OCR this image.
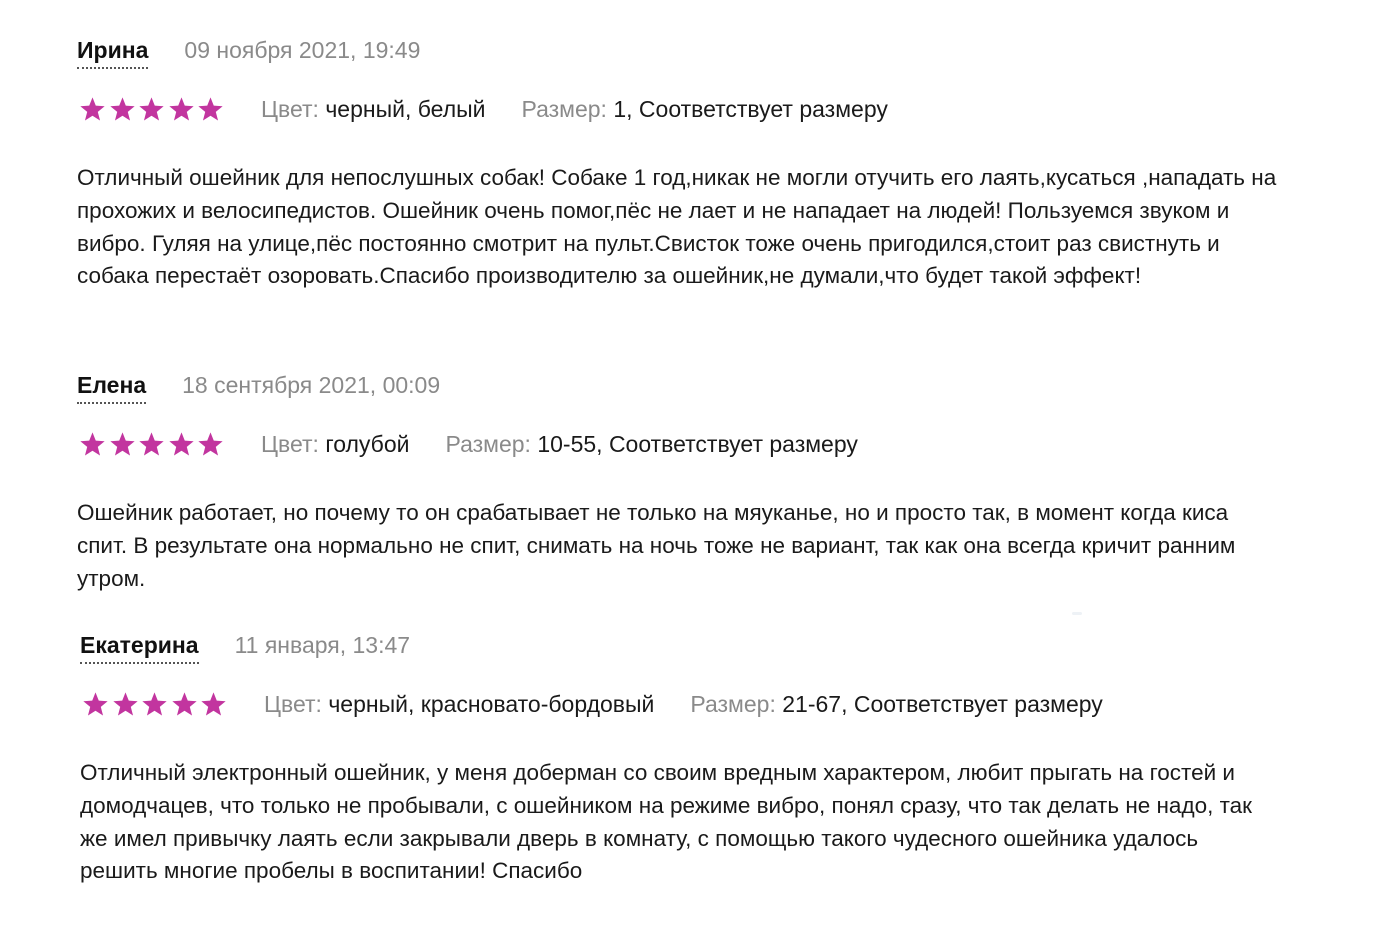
Ирина 09 ноября 2021, 19:49
Цвет: черный, белый Размер: 1, Соответствует размеру

Отличный ошейник для непослушных собак! Собаке 1 год,никак не могли отучить его лаять,кусаться ,нападать на прохожих и велосипедистов. Ошейник очень помог,пёс не лает и не нападает на людей! Пользуемся звуком и вибро. Гуляя на улице,пёс постоянно смотрит на пульт.Свисток тоже очень пригодился,стоит раз свистнуть и собака перестаёт озоровать.Спасибо производителю за ошейник,не думали,что будет такой эффект!

Елена 18 сентября 2021, 00:09
Цвет: голубой Размер: 10-55, Соответствует размеру

Ошейник работает, но почему то он срабатывает не только на мяуканье, но и просто так, в момент когда киса спит. В результате она нормально не спит, снимать на ночь тоже не вариант, так как она всегда кричит ранним утром.

Екатерина 11 января, 13:47
Цвет: черный, красновато-бордовый Размер: 21-67, Соответствует размеру

Отличный электронный ошейник, у меня доберман со своим вредным характером, любит прыгать на гостей и домодчацев, что только не пробывали, с ошейником на режиме вибро, понял сразу, что так делать не надо, так же имел привычку лаять если закрывали дверь в комнату, с помощью такого чудесного ошейника удалось решить многие пробелы в воспитании! Спасибо
